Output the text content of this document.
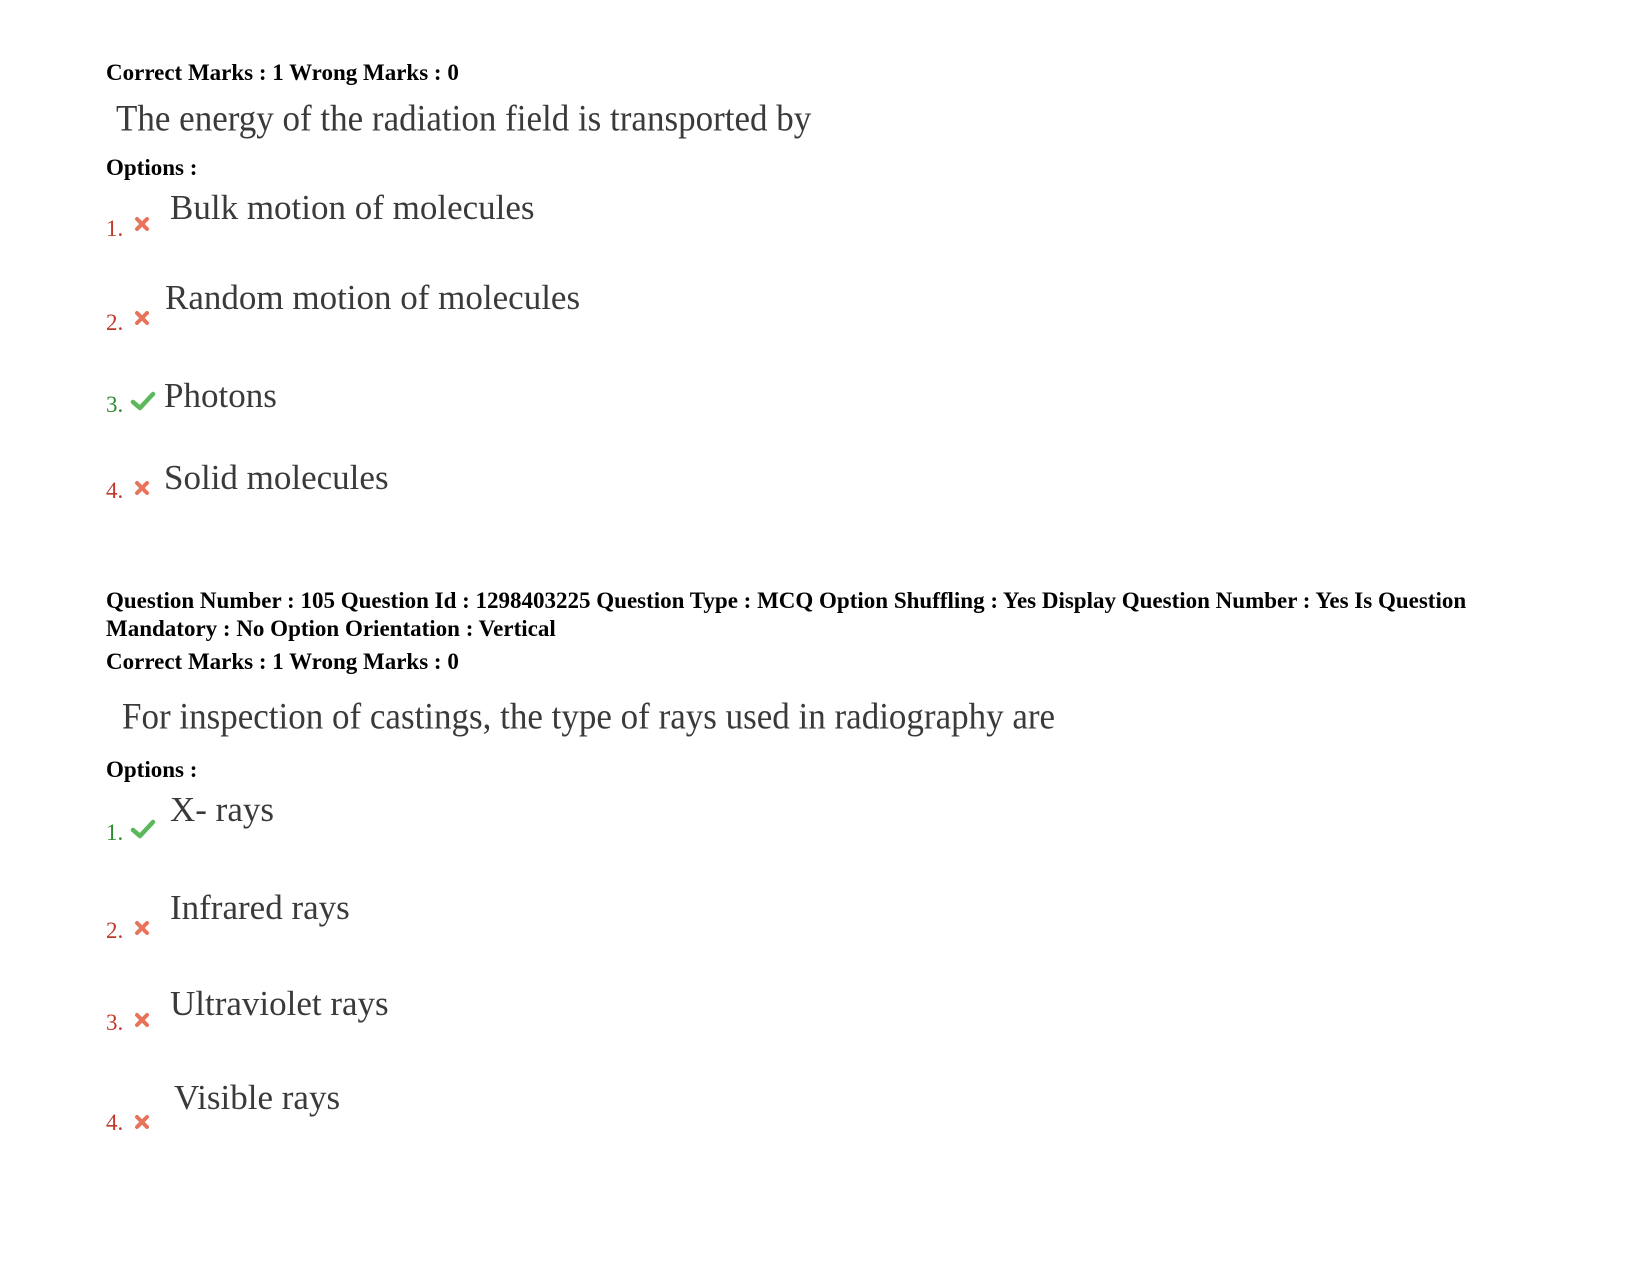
Correct Marks : 1 Wrong Marks : 0
The energy of the radiation field is transported by
Options :
1.
Bulk motion of molecules
2.
Random motion of molecules
3. Photons
4. Solid molecules
Question Number : 105 Question Id : 1298403225 Question Type : MCQ Option Shuffling : Yes Display Question Number : Yes Is Question Mandatory : No Option Orientation : Vertical
Correct Marks : 1 Wrong Marks : 0
For inspection of castings, the type of rays used in radiography are
Options :
1.
X- rays
2.
Infrared rays
3. Ultraviolet rays
4.
Visible rays
